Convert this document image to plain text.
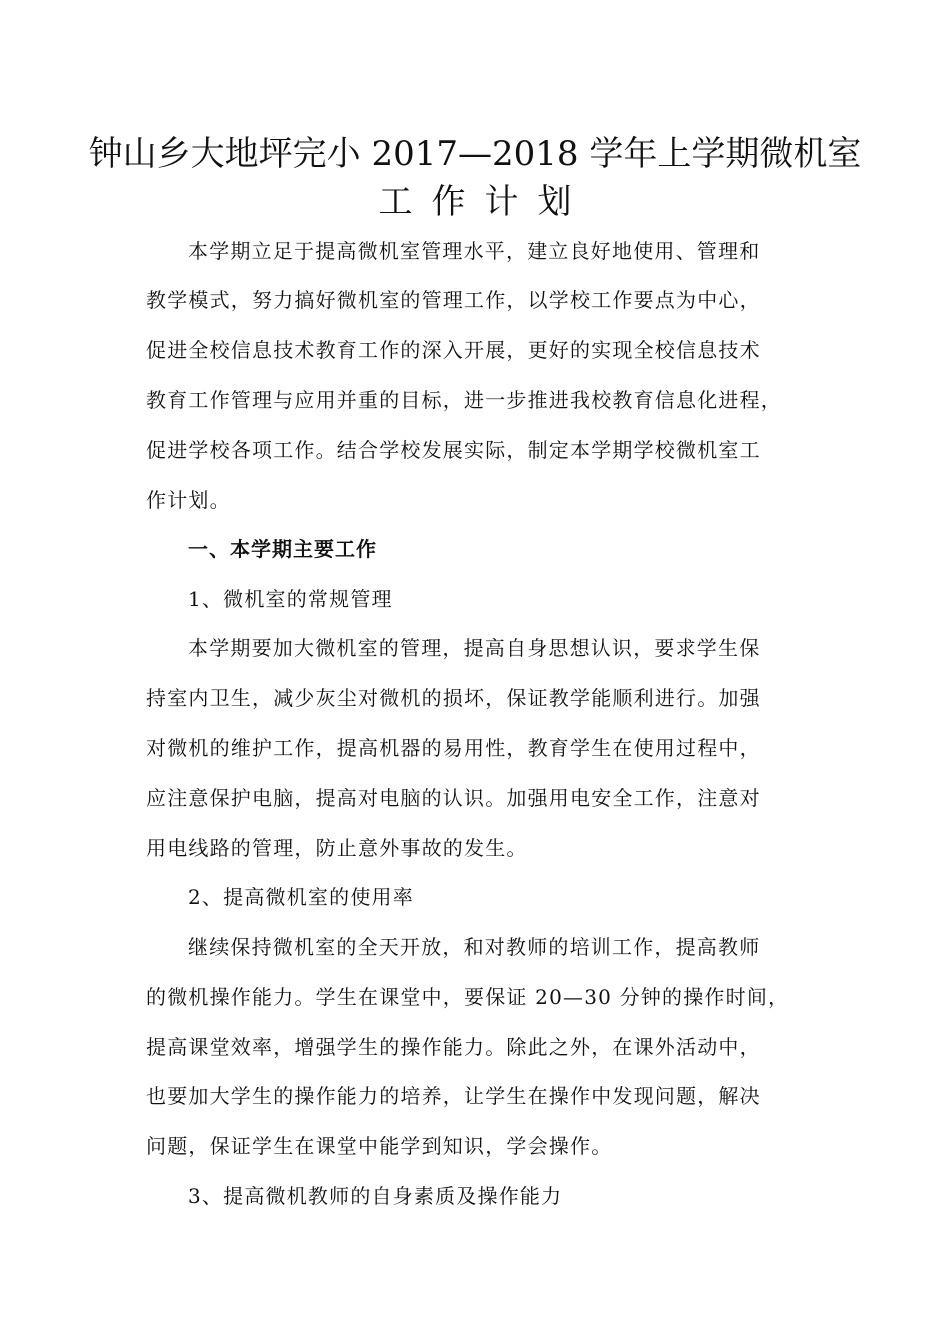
钟山乡大地坪完小 2017—2018 学年上学期微机室
工作计划
本学期立足于提高微机室管理水平，建立良好地使用、管理和
教学模式，努力搞好微机室的管理工作，以学校工作要点为中心，
促进全校信息技术教育工作的深入开展，更好的实现全校信息技术
教育工作管理与应用并重的目标，进一步推进我校教育信息化进程，
促进学校各项工作。结合学校发展实际，制定本学期学校微机室工
作计划。
一、本学期主要工作
1、微机室的常规管理
本学期要加大微机室的管理，提高自身思想认识，要求学生保
持室内卫生，减少灰尘对微机的损坏，保证教学能顺利进行。加强
对微机的维护工作，提高机器的易用性，教育学生在使用过程中，
应注意保护电脑，提高对电脑的认识。加强用电安全工作，注意对
用电线路的管理，防止意外事故的发生。
2、提高微机室的使用率
继续保持微机室的全天开放，和对教师的培训工作，提高教师
的微机操作能力。学生在课堂中，要保证 20—30 分钟的操作时间，
提高课堂效率，增强学生的操作能力。除此之外，在课外活动中，
也要加大学生的操作能力的培养，让学生在操作中发现问题，解决
问题，保证学生在课堂中能学到知识，学会操作。
3、提高微机教师的自身素质及操作能力
